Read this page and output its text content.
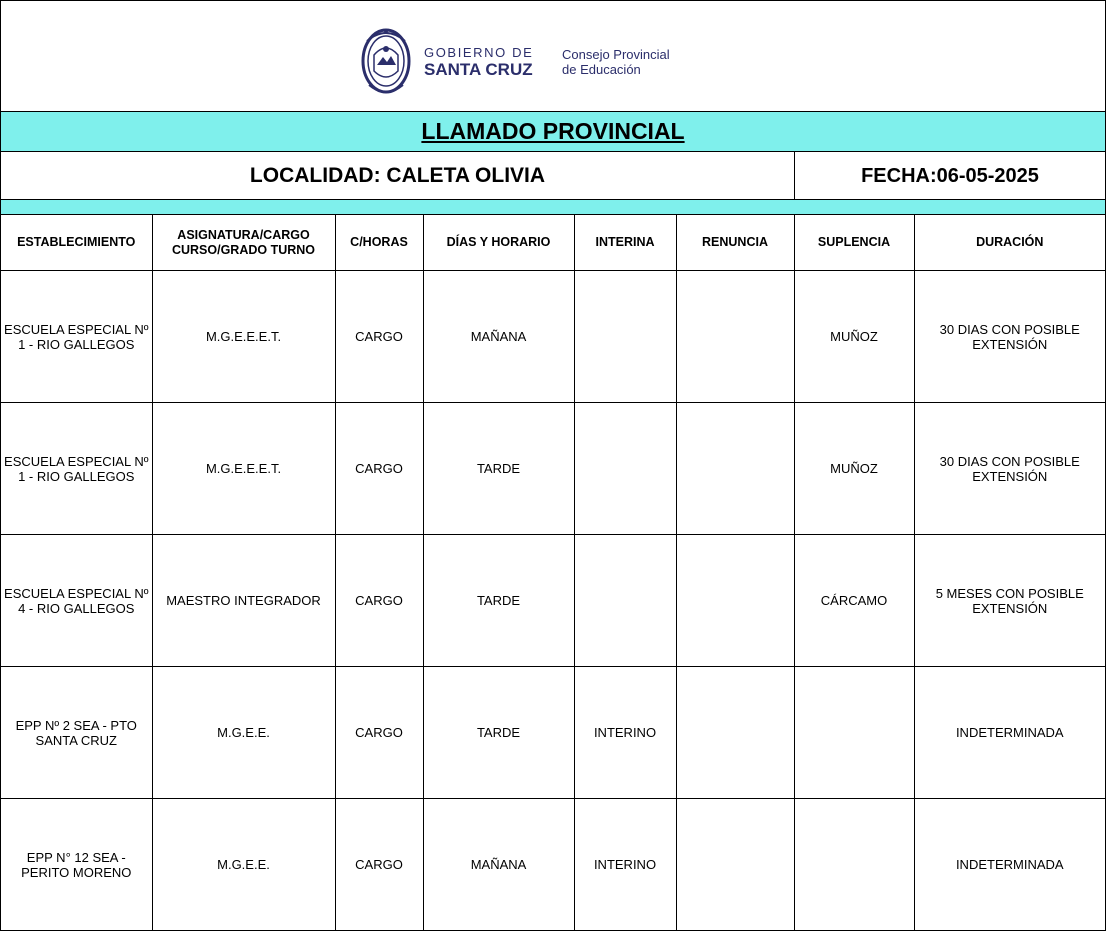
GOBIERNO DE
SANTA CRUZ
Consejo Provincial
de Educación
LLAMADO PROVINCIAL
LOCALIDAD: CALETA OLIVIA	FECHA:06-05-2025
ESTABLECIMIENTO	ASIGNATURA/CARGO CURSO/GRADO TURNO	C/HORAS	DÍAS Y HORARIO	INTERINA	RENUNCIA	SUPLENCIA	DURACIÓN
ESCUELA ESPECIAL Nº 1 - RIO GALLEGOS	M.G.E.E.E.T.	CARGO	MAÑANA			MUÑOZ	30 DIAS CON POSIBLE EXTENSIÓN
ESCUELA ESPECIAL Nº 1 - RIO GALLEGOS	M.G.E.E.E.T.	CARGO	TARDE			MUÑOZ	30 DIAS CON POSIBLE EXTENSIÓN
ESCUELA ESPECIAL Nº 4 - RIO GALLEGOS	MAESTRO INTEGRADOR	CARGO	TARDE			CÁRCAMO	5 MESES CON POSIBLE EXTENSIÓN
EPP Nº 2 SEA - PTO SANTA CRUZ	M.G.E.E.	CARGO	TARDE	INTERINO			INDETERMINADA
EPP N° 12 SEA - PERITO MORENO	M.G.E.E.	CARGO	MAÑANA	INTERINO			INDETERMINADA
